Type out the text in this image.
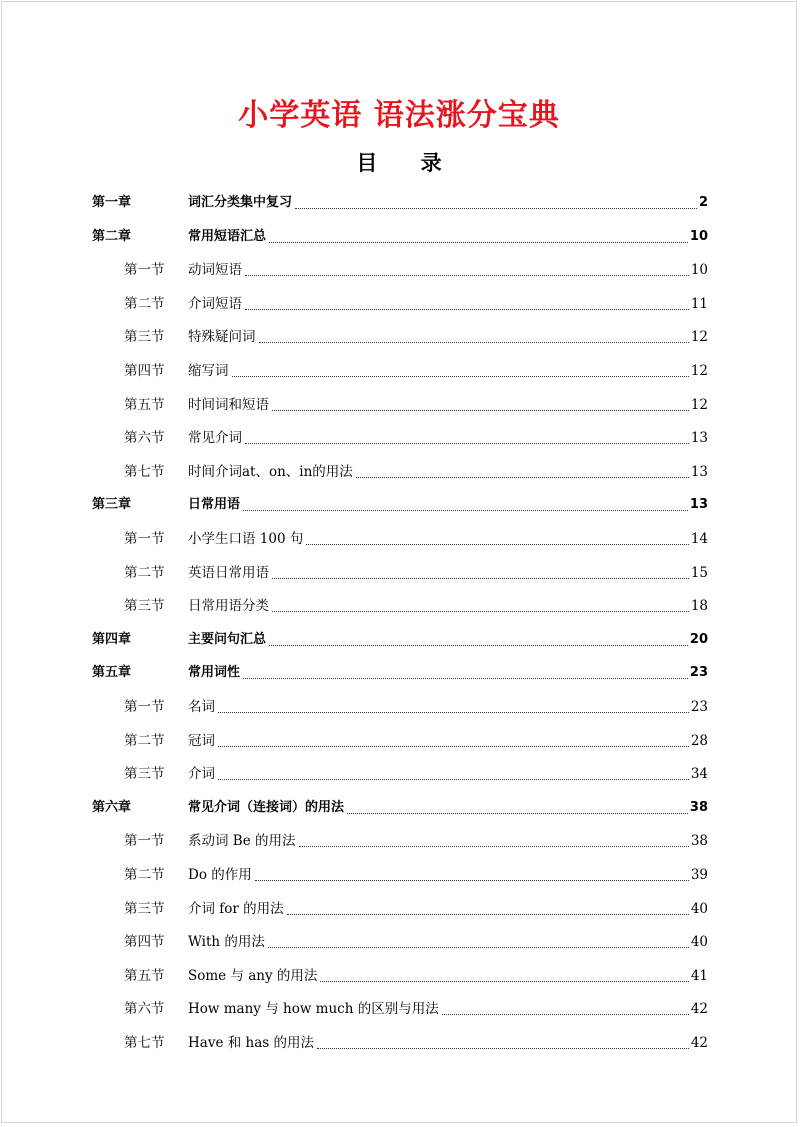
小学英语 语法涨分宝典
目 录
第一章	词汇分类集中复习	2
第二章	常用短语汇总	10
第一节 动词短语	10
第二节 介词短语	11
第三节 特殊疑问词	12
第四节 缩写词	12
第五节 时间词和短语	12
第六节 常见介词	13
第七节 时间介词at、on、in的用法	13
第三章	日常用语	13
第一节 小学生口语 100 句	14
第二节 英语日常用语	15
第三节 日常用语分类	18
第四章	主要问句汇总	20
第五章	常用词性	23
第一节 名词	23
第二节 冠词	28
第三节 介词	34
第六章	常见介词（连接词）的用法	38
第一节 系动词 Be 的用法	38
第二节 Do 的作用	39
第三节 介词 for 的用法	40
第四节 With 的用法	40
第五节 Some 与 any 的用法	41
第六节 How many 与 how much 的区别与用法	42
第七节 Have 和 has 的用法	42
